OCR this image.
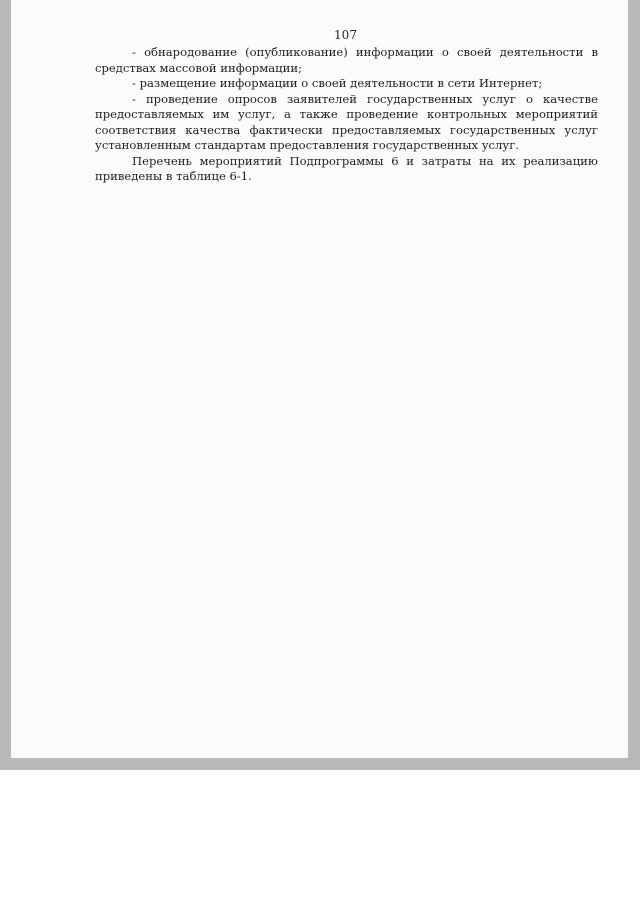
107

- обнародование (опубликование) информации о своей деятельности в средствах массовой информации;

- размещение информации о своей деятельности в сети Интернет;

- проведение опросов заявителей государственных услуг о качестве предоставляемых им услуг, а также проведение контрольных мероприятий соответствия качества фактически предоставляемых государственных услуг установленным стандартам предоставления государственных услуг.

Перечень мероприятий Подпрограммы 6 и затраты на их реализацию приведены в таблице 6-1.
